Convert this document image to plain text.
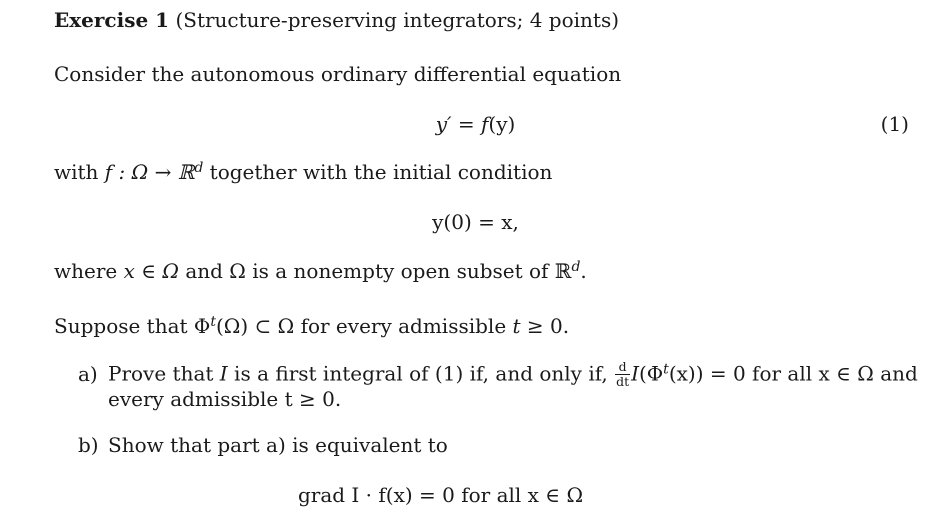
Exercise 1 (Structure-preserving integrators; 4 points)
Consider the autonomous ordinary differential equation
y′ = f(y)	(1)
with f : Ω → ℝ$^d$ together with the initial condition
y(0) = x,
where x ∈ Ω and Ω is a nonempty open subset of ℝ$^d$.
Suppose that $\Phi^t(\Omega)$ ⊂ Ω for every admissible t ≥ 0.
a) Prove that I is a first integral of (1) if, and only if, $\frac{d}{dt} I(\Phi^t(x)) = 0$ for all x ∈ Ω and
every admissible t ≥ 0.
b) Show that part a) is equivalent to
grad I · f(x) = 0 for all x ∈ Ω
